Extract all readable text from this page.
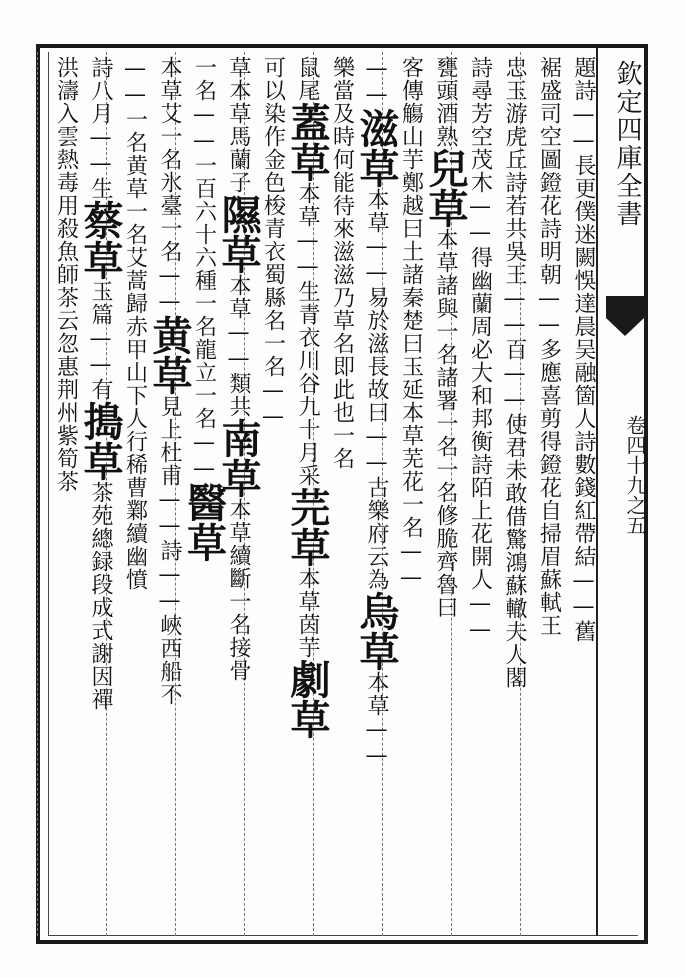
欽定四庫全書
卷四十九之五
題詩——長更僕迷闕悞達晨吴融箇人詩數錢紅帶結——舊
裾盛司空圖鐙花詩明朝——多應喜剪得鐙花自掃眉蘇軾王
忠玉游虎丘詩若共吳王——百——使君未敢借驚鴻蘇轍夫人閣
詩尋芳空茂木——得幽蘭周必大和邦衡詩陌上花開人——
甕頭酒熟兒草本草諸與一名諸署一名一名修脆齊魯曰
客傳觴山芋鄭越曰土諸秦楚曰玉延本草芜花一名——
——滋草本草——易於滋長故曰——古樂府云為烏草本草——
樂當及時何能待來滋滋乃草名即此也一名
鼠尾蓋草本草——生青衣川谷九十月采芫草本草茵芋劇草
可以染作金色梭青衣蜀縣名一名——
草本草馬蘭子隰草本草——類共南草本草續斷一名接骨
一名——一百六十六種一名龍立一名——醫草
本草艾一名氷臺一名——黄草見上杜甫——詩——峽西船不
——一名黄草一名艾蒿歸赤甲山下人行稀曹鄴續幽憤
詩八月——生蔡草玉篇——有搗草茶苑總録段成式謝因禪
洪濤入雲熱毒用殺魚師茶云忽惠荆州紫筍茶
